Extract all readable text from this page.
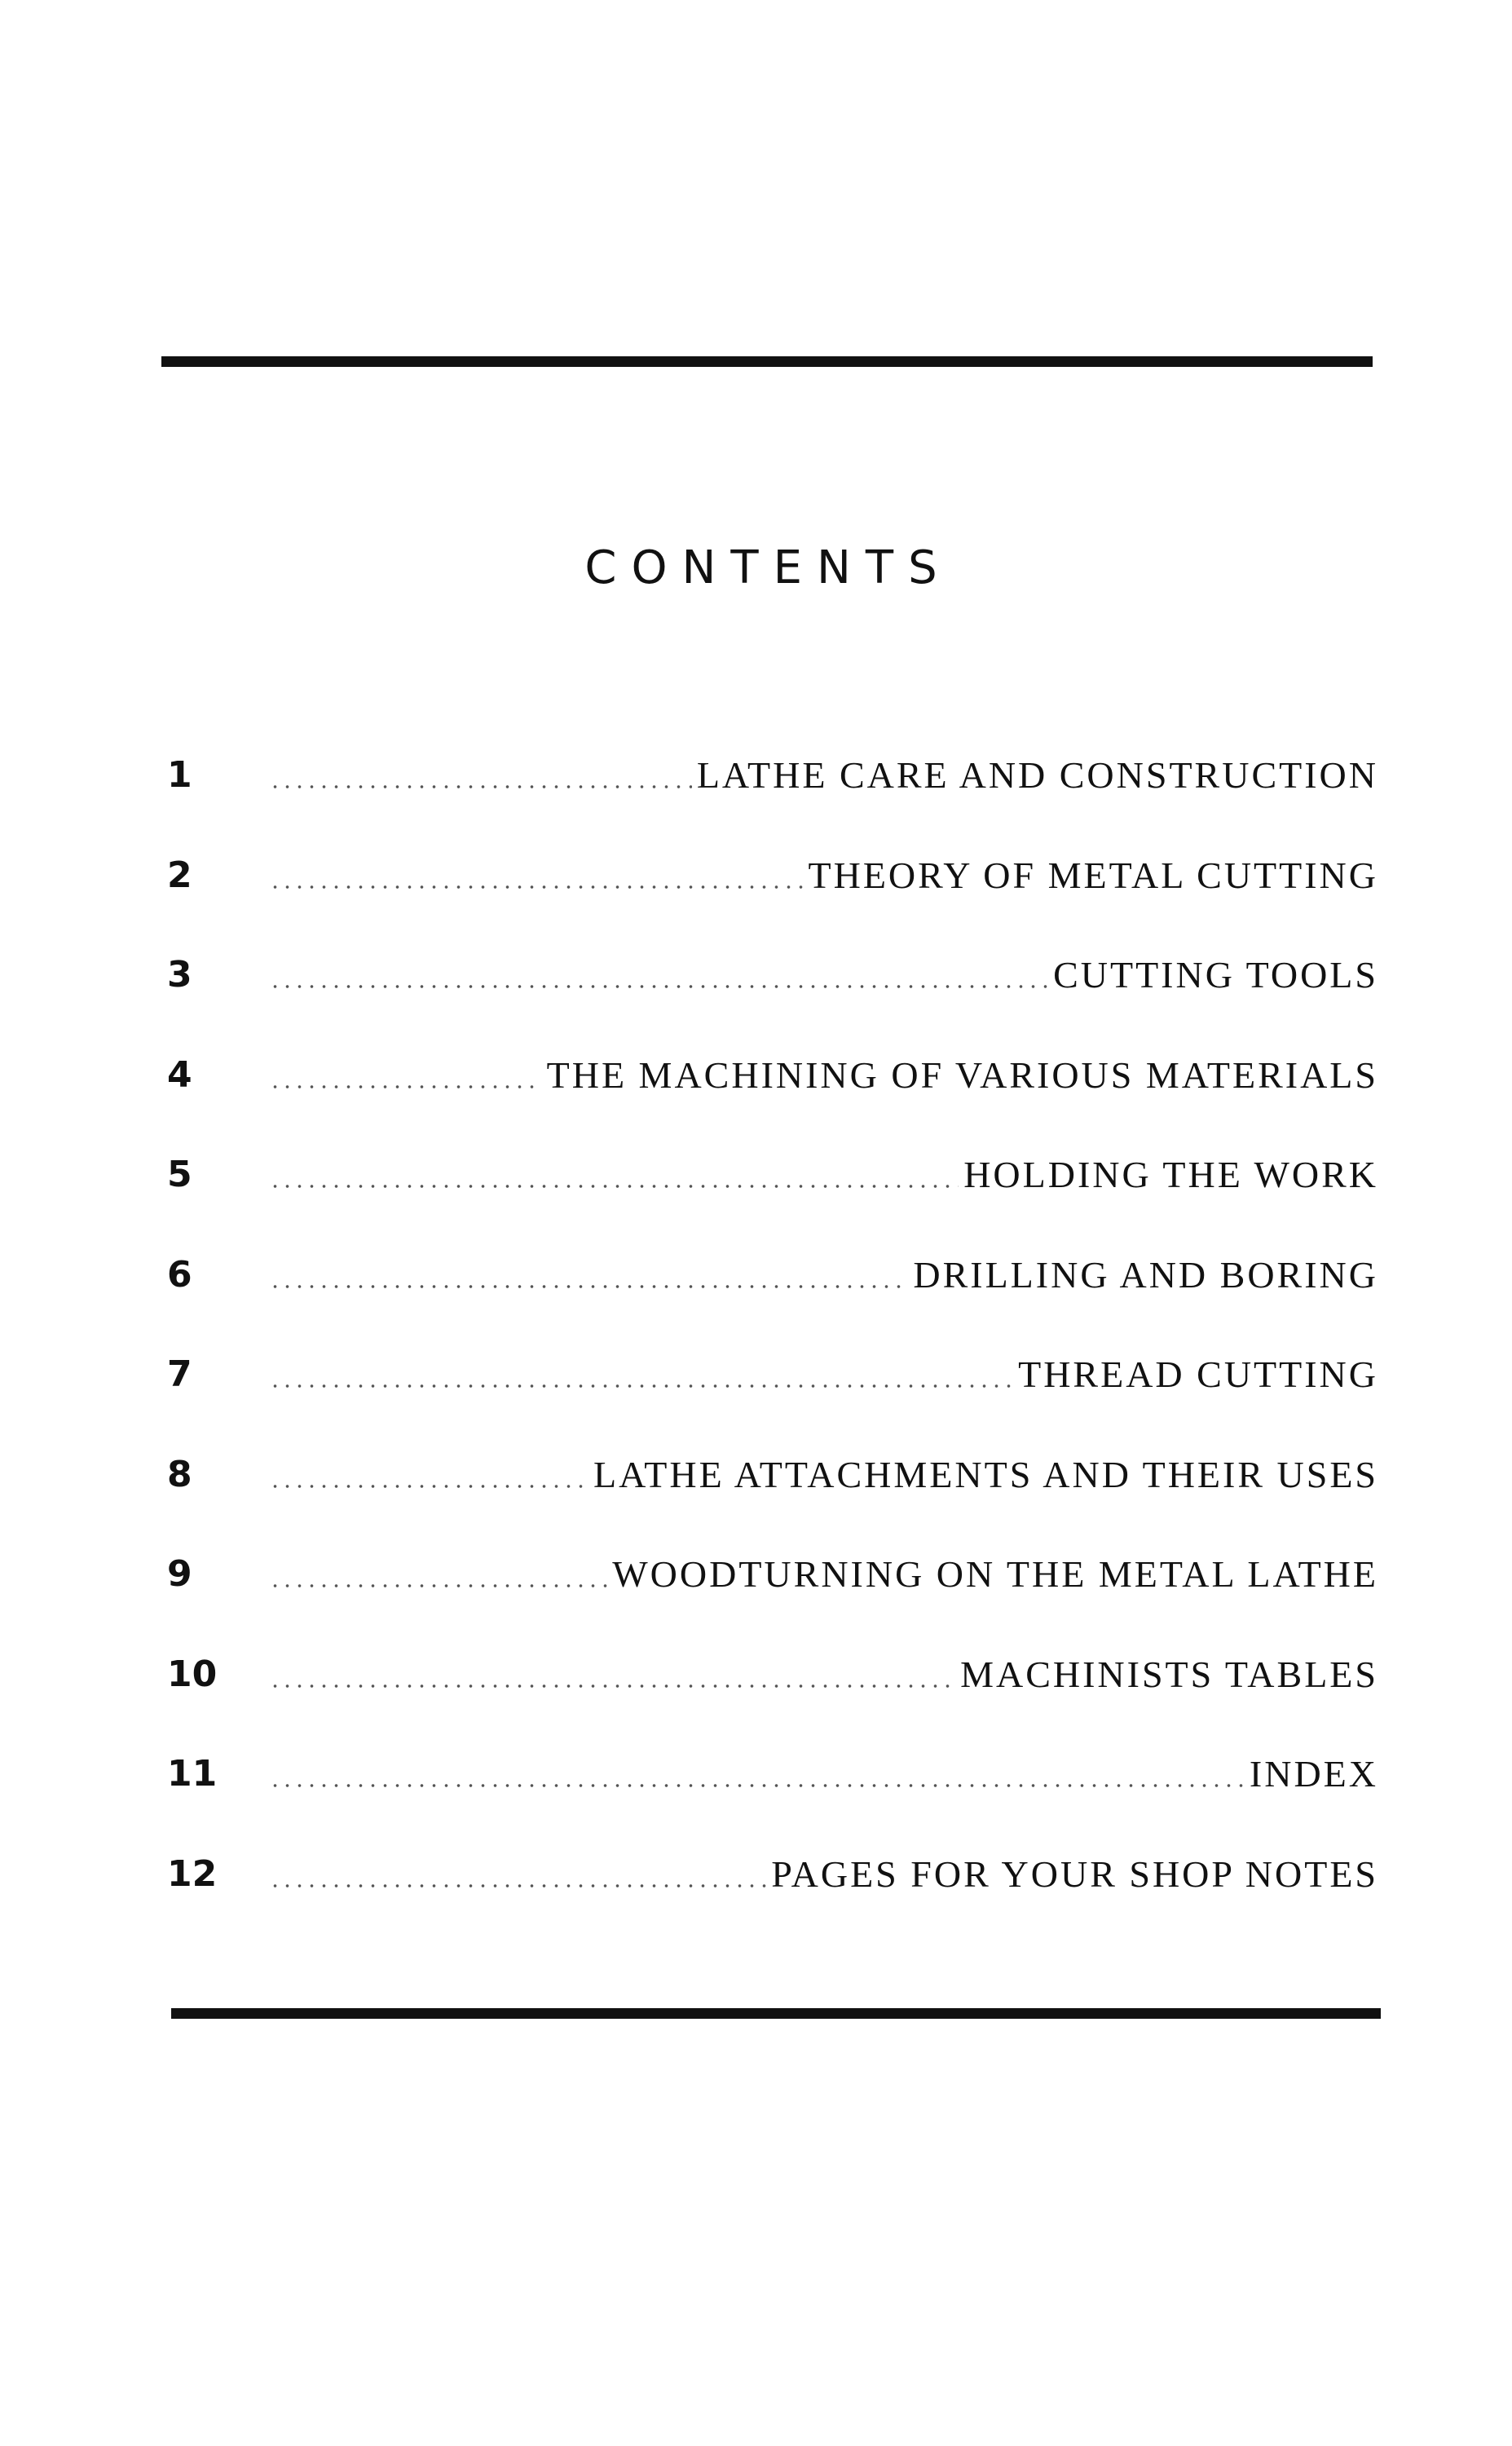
CONTENTS
1	LATHE CARE AND CONSTRUCTION
2	THEORY OF METAL CUTTING
3	CUTTING TOOLS
4	THE MACHINING OF VARIOUS MATERIALS
5	HOLDING THE WORK
6	DRILLING AND BORING
7	THREAD CUTTING
8	LATHE ATTACHMENTS AND THEIR USES
9	WOODTURNING ON THE METAL LATHE
10	MACHINISTS TABLES
11	INDEX
12	PAGES FOR YOUR SHOP NOTES
